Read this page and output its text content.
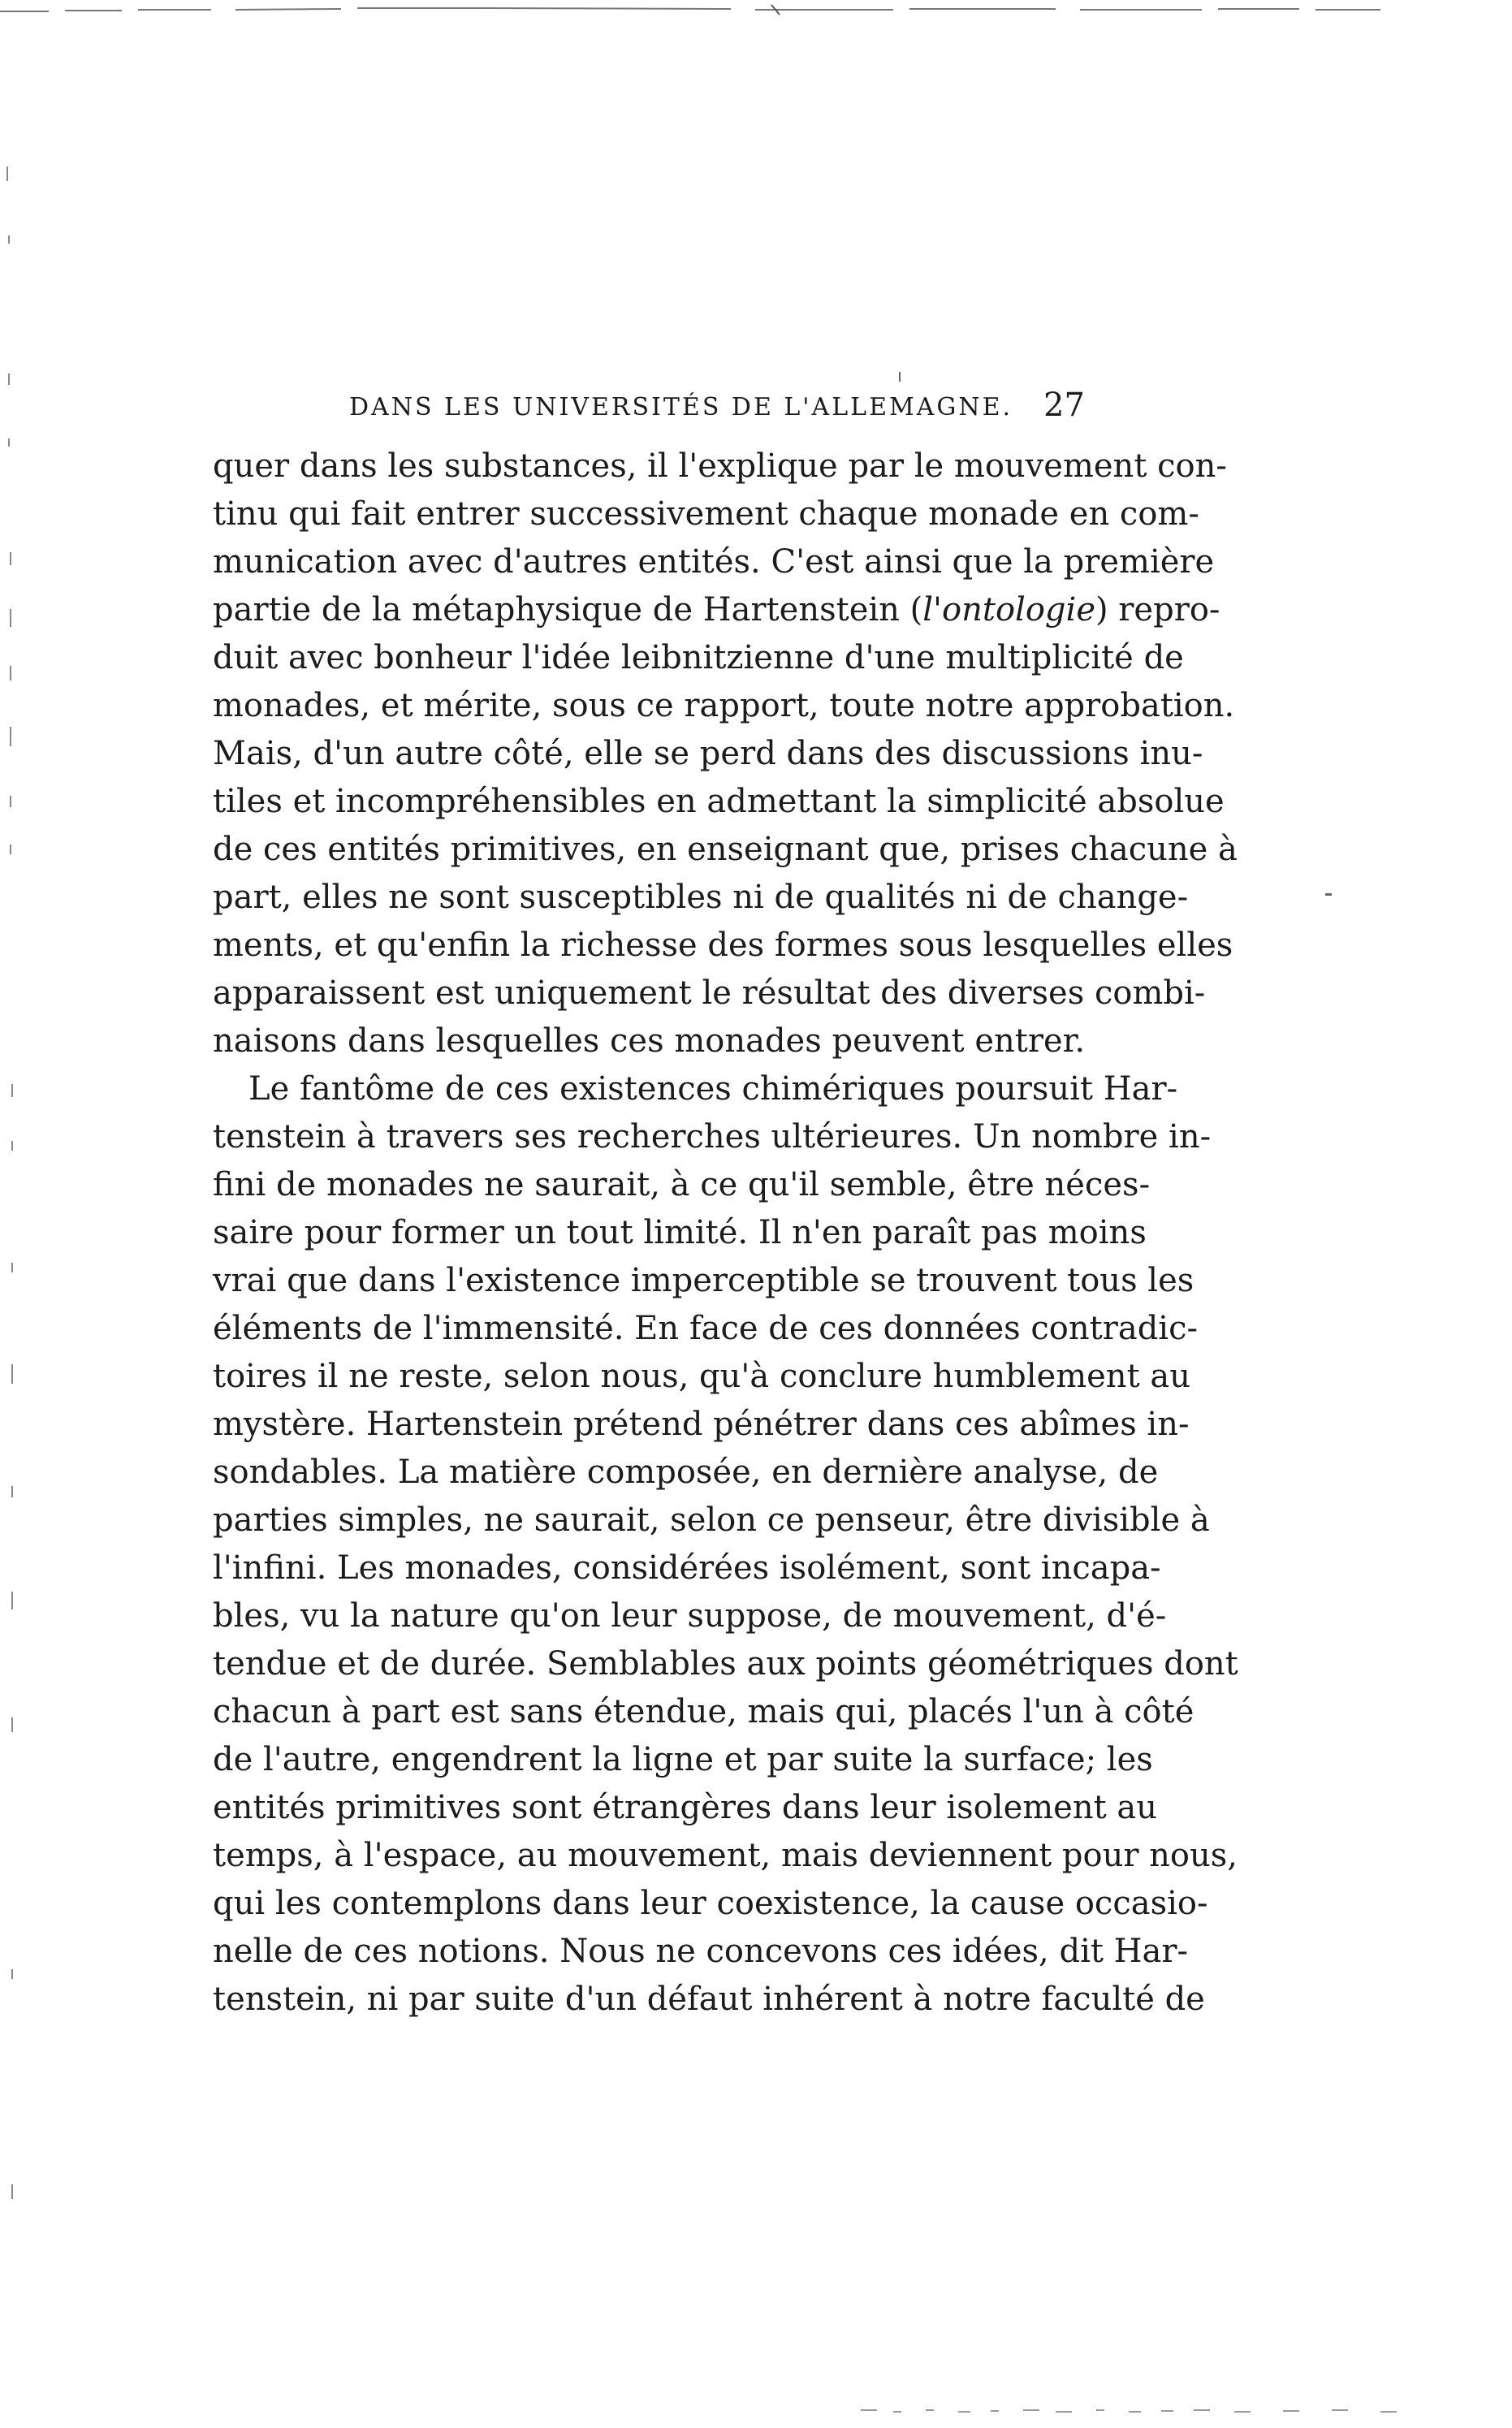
DANS LES UNIVERSITÉS DE L'ALLEMAGNE. 27
quer dans les substances, il l'explique par le mouvement con-
tinu qui fait entrer successivement chaque monade en com-
munication avec d'autres entités. C'est ainsi que la première
partie de la métaphysique de Hartenstein (l'ontologie) repro-
duit avec bonheur l'idée leibnitzienne d'une multiplicité de
monades, et mérite, sous ce rapport, toute notre approbation.
Mais, d'un autre côté, elle se perd dans des discussions inu-
tiles et incompréhensibles en admettant la simplicité absolue
de ces entités primitives, en enseignant que, prises chacune à
part, elles ne sont susceptibles ni de qualités ni de change-
ments, et qu'enfin la richesse des formes sous lesquelles elles
apparaissent est uniquement le résultat des diverses combi-
naisons dans lesquelles ces monades peuvent entrer.
Le fantôme de ces existences chimériques poursuit Har-
tenstein à travers ses recherches ultérieures. Un nombre in-
fini de monades ne saurait, à ce qu'il semble, être néces-
saire pour former un tout limité. Il n'en paraît pas moins
vrai que dans l'existence imperceptible se trouvent tous les
éléments de l'immensité. En face de ces données contradic-
toires il ne reste, selon nous, qu'à conclure humblement au
mystère. Hartenstein prétend pénétrer dans ces abîmes in-
sondables. La matière composée, en dernière analyse, de
parties simples, ne saurait, selon ce penseur, être divisible à
l'infini. Les monades, considérées isolément, sont incapa-
bles, vu la nature qu'on leur suppose, de mouvement, d'é-
tendue et de durée. Semblables aux points géométriques dont
chacun à part est sans étendue, mais qui, placés l'un à côté
de l'autre, engendrent la ligne et par suite la surface; les
entités primitives sont étrangères dans leur isolement au
temps, à l'espace, au mouvement, mais deviennent pour nous,
qui les contemplons dans leur coexistence, la cause occasio-
nelle de ces notions. Nous ne concevons ces idées, dit Har-
tenstein, ni par suite d'un défaut inhérent à notre faculté de
